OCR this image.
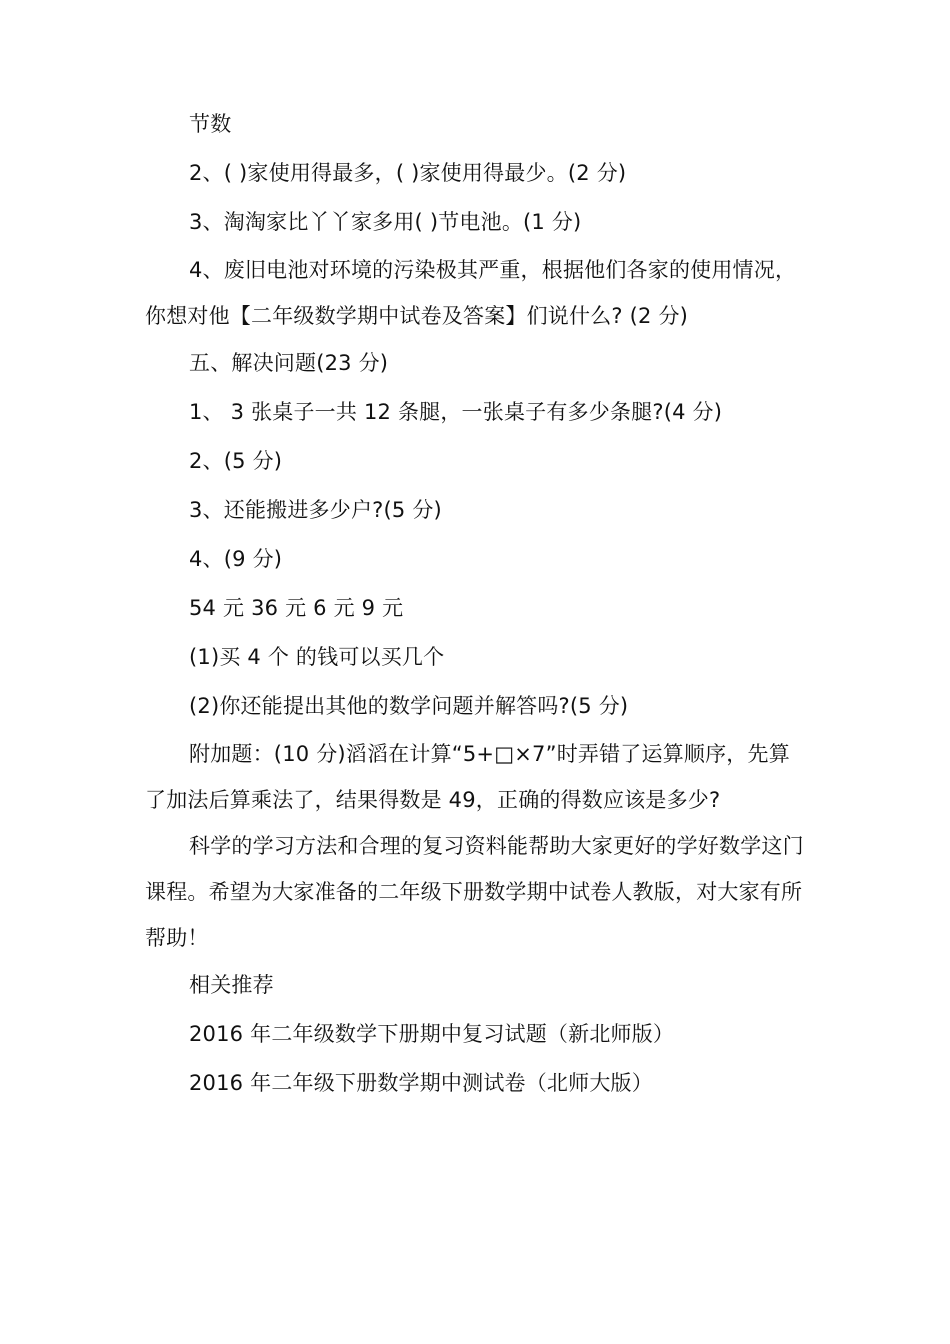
节数

2、( )家使用得最多，( )家使用得最少。(2 分)

3、淘淘家比丫丫家多用( )节电池。(1 分)

4、废旧电池对环境的污染极其严重，根据他们各家的使用情况，你想对他【二年级数学期中试卷及答案】们说什么? (2 分)

五、解决问题(23 分)

1、 3 张桌子一共 12 条腿，一张桌子有多少条腿?(4 分)

2、(5 分)

3、还能搬进多少户?(5 分)

4、(9 分)

54 元 36 元 6 元 9 元

(1)买 4 个 的钱可以买几个

(2)你还能提出其他的数学问题并解答吗?(5 分)

附加题：(10 分)滔滔在计算“5+□×7”时弄错了运算顺序，先算了加法后算乘法了，结果得数是 49，正确的得数应该是多少?

科学的学习方法和合理的复习资料能帮助大家更好的学好数学这门课程。希望为大家准备的二年级下册数学期中试卷人教版，对大家有所帮助！

相关推荐

2016 年二年级数学下册期中复习试题（新北师版）

2016 年二年级下册数学期中测试卷（北师大版）
